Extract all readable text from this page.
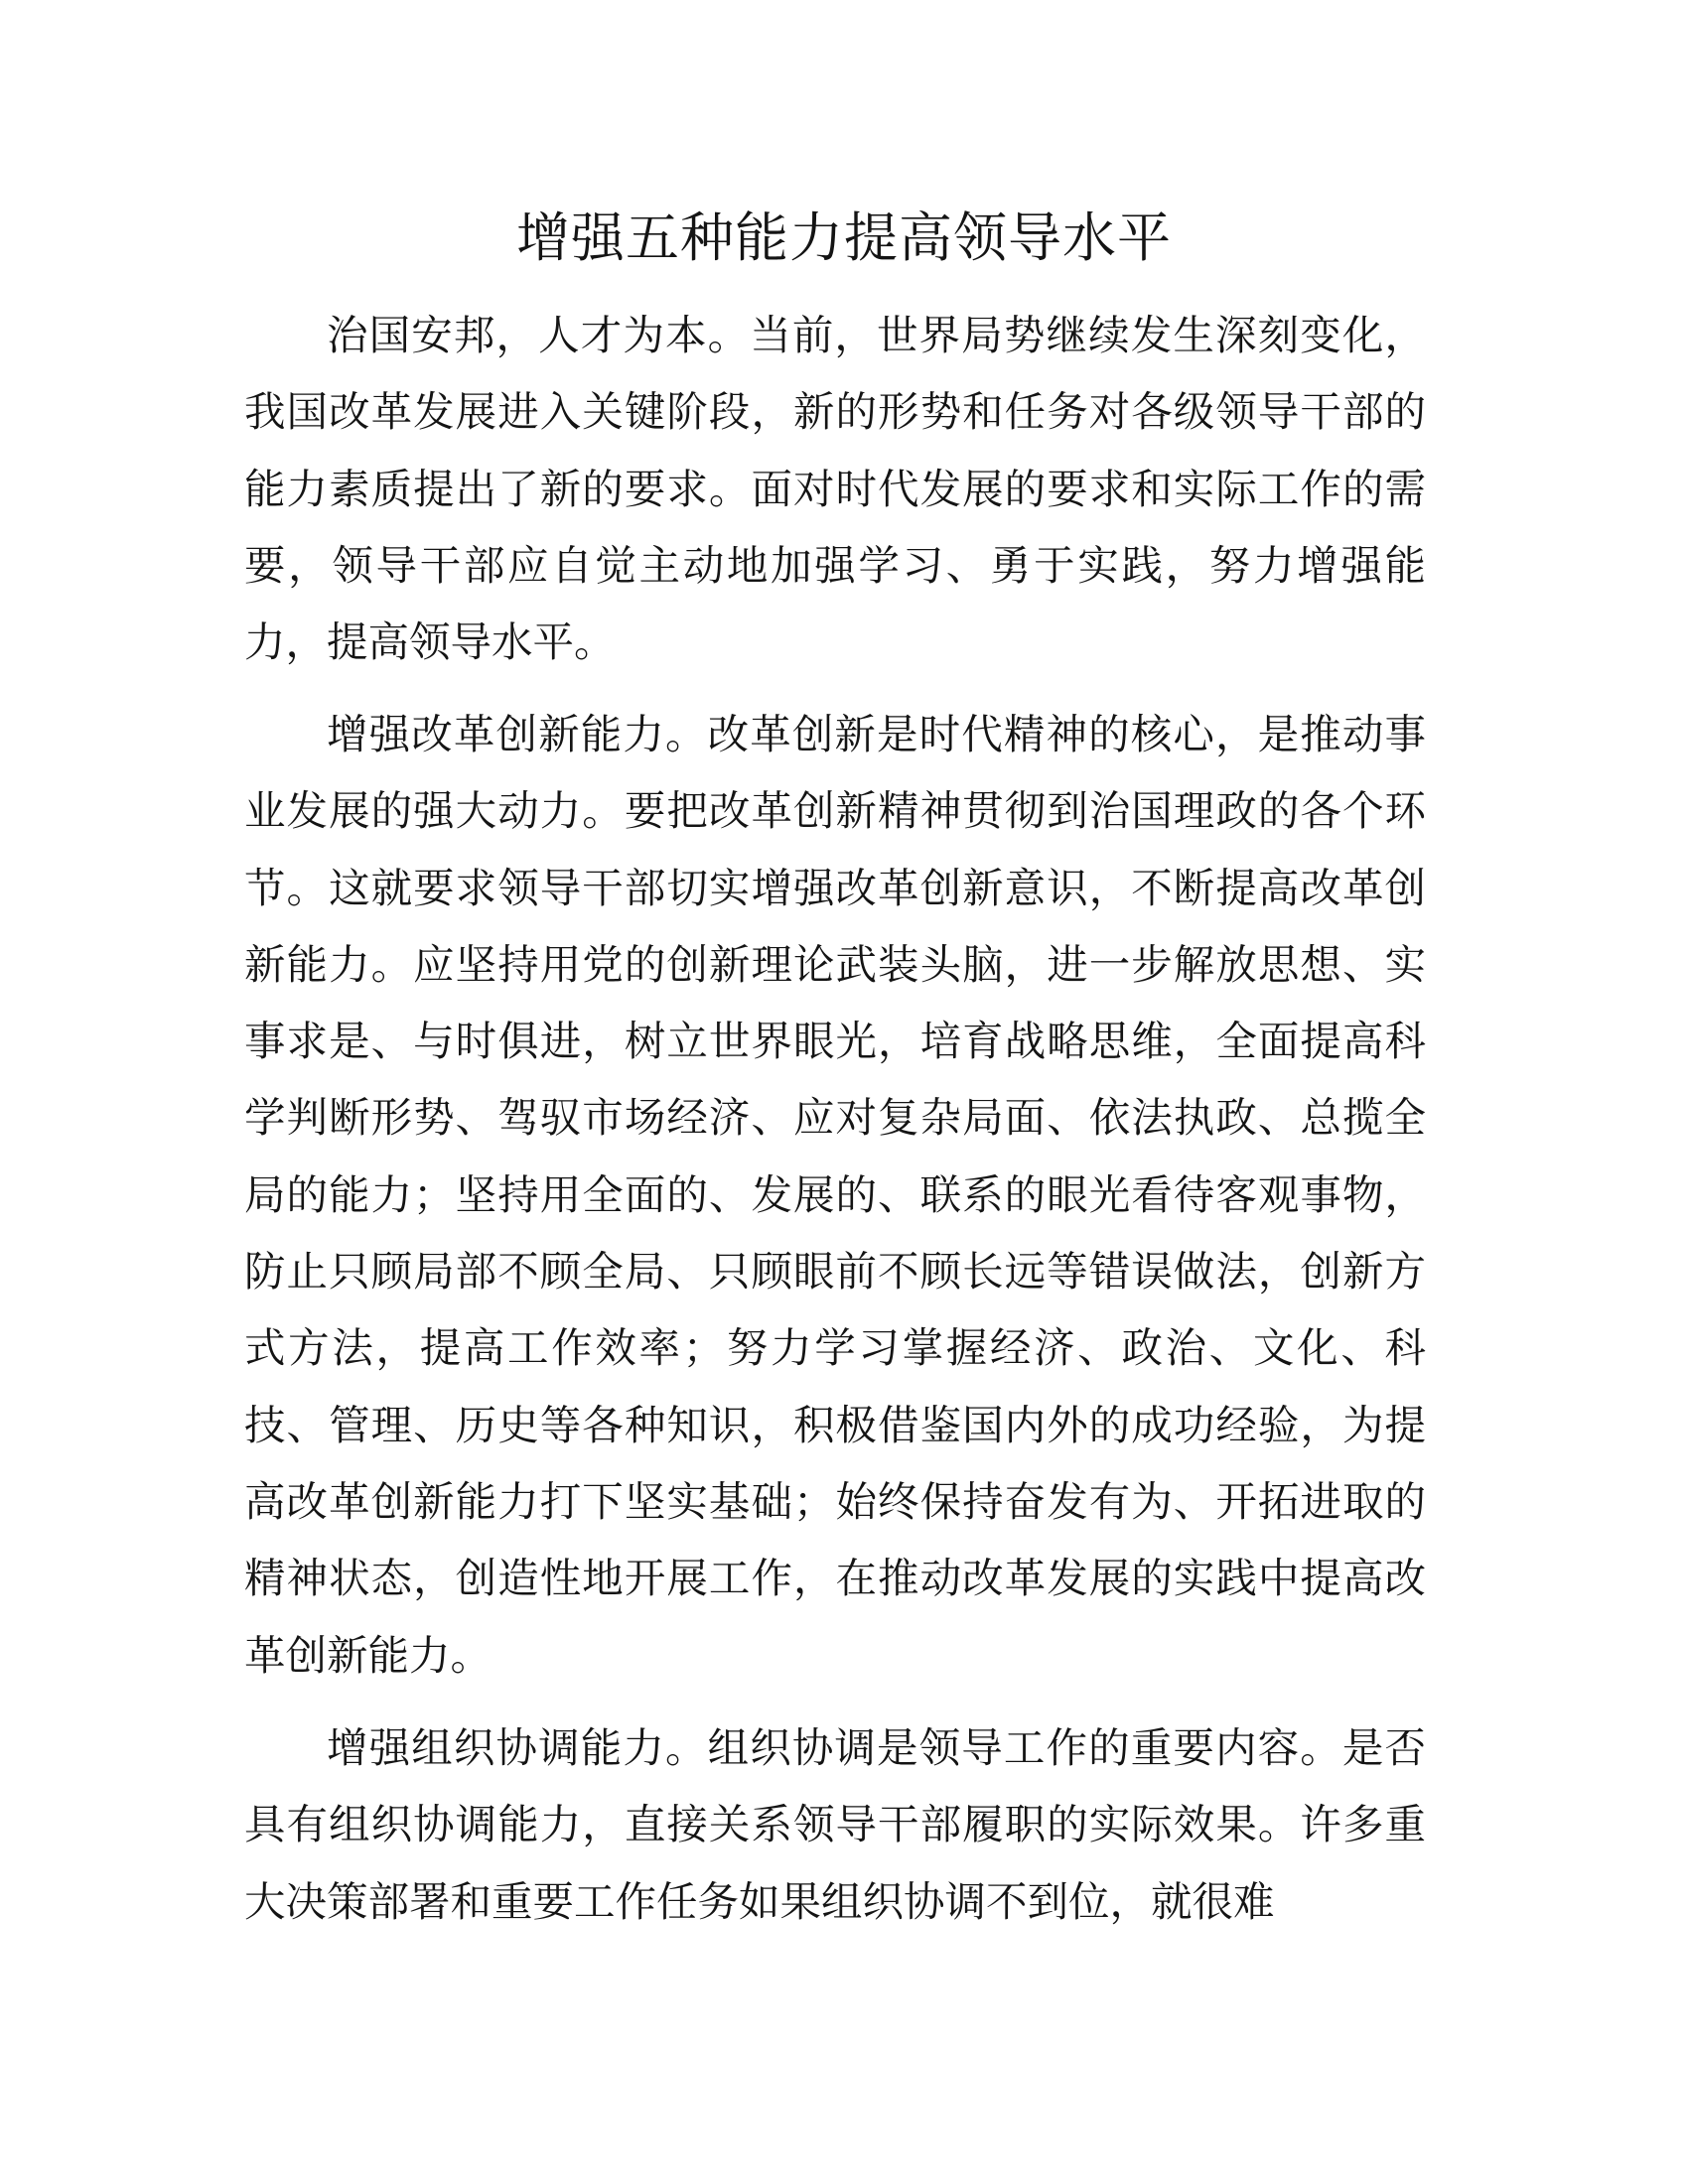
增强五种能力提高领导水平

治国安邦，人才为本。当前，世界局势继续发生深刻变化，我国改革发展进入关键阶段，新的形势和任务对各级领导干部的能力素质提出了新的要求。面对时代发展的要求和实际工作的需要，领导干部应自觉主动地加强学习、勇于实践，努力增强能力，提高领导水平。

增强改革创新能力。改革创新是时代精神的核心，是推动事业发展的强大动力。要把改革创新精神贯彻到治国理政的各个环节。这就要求领导干部切实增强改革创新意识，不断提高改革创新能力。应坚持用党的创新理论武装头脑，进一步解放思想、实事求是、与时俱进，树立世界眼光，培育战略思维，全面提高科学判断形势、驾驭市场经济、应对复杂局面、依法执政、总揽全局的能力；坚持用全面的、发展的、联系的眼光看待客观事物，防止只顾局部不顾全局、只顾眼前不顾长远等错误做法，创新方式方法，提高工作效率；努力学习掌握经济、政治、文化、科技、管理、历史等各种知识，积极借鉴国内外的成功经验，为提高改革创新能力打下坚实基础；始终保持奋发有为、开拓进取的精神状态，创造性地开展工作，在推动改革发展的实践中提高改革创新能力。

增强组织协调能力。组织协调是领导工作的重要内容。是否具有组织协调能力，直接关系领导干部履职的实际效果。许多重大决策部署和重要工作任务如果组织协调不到位，就很难
